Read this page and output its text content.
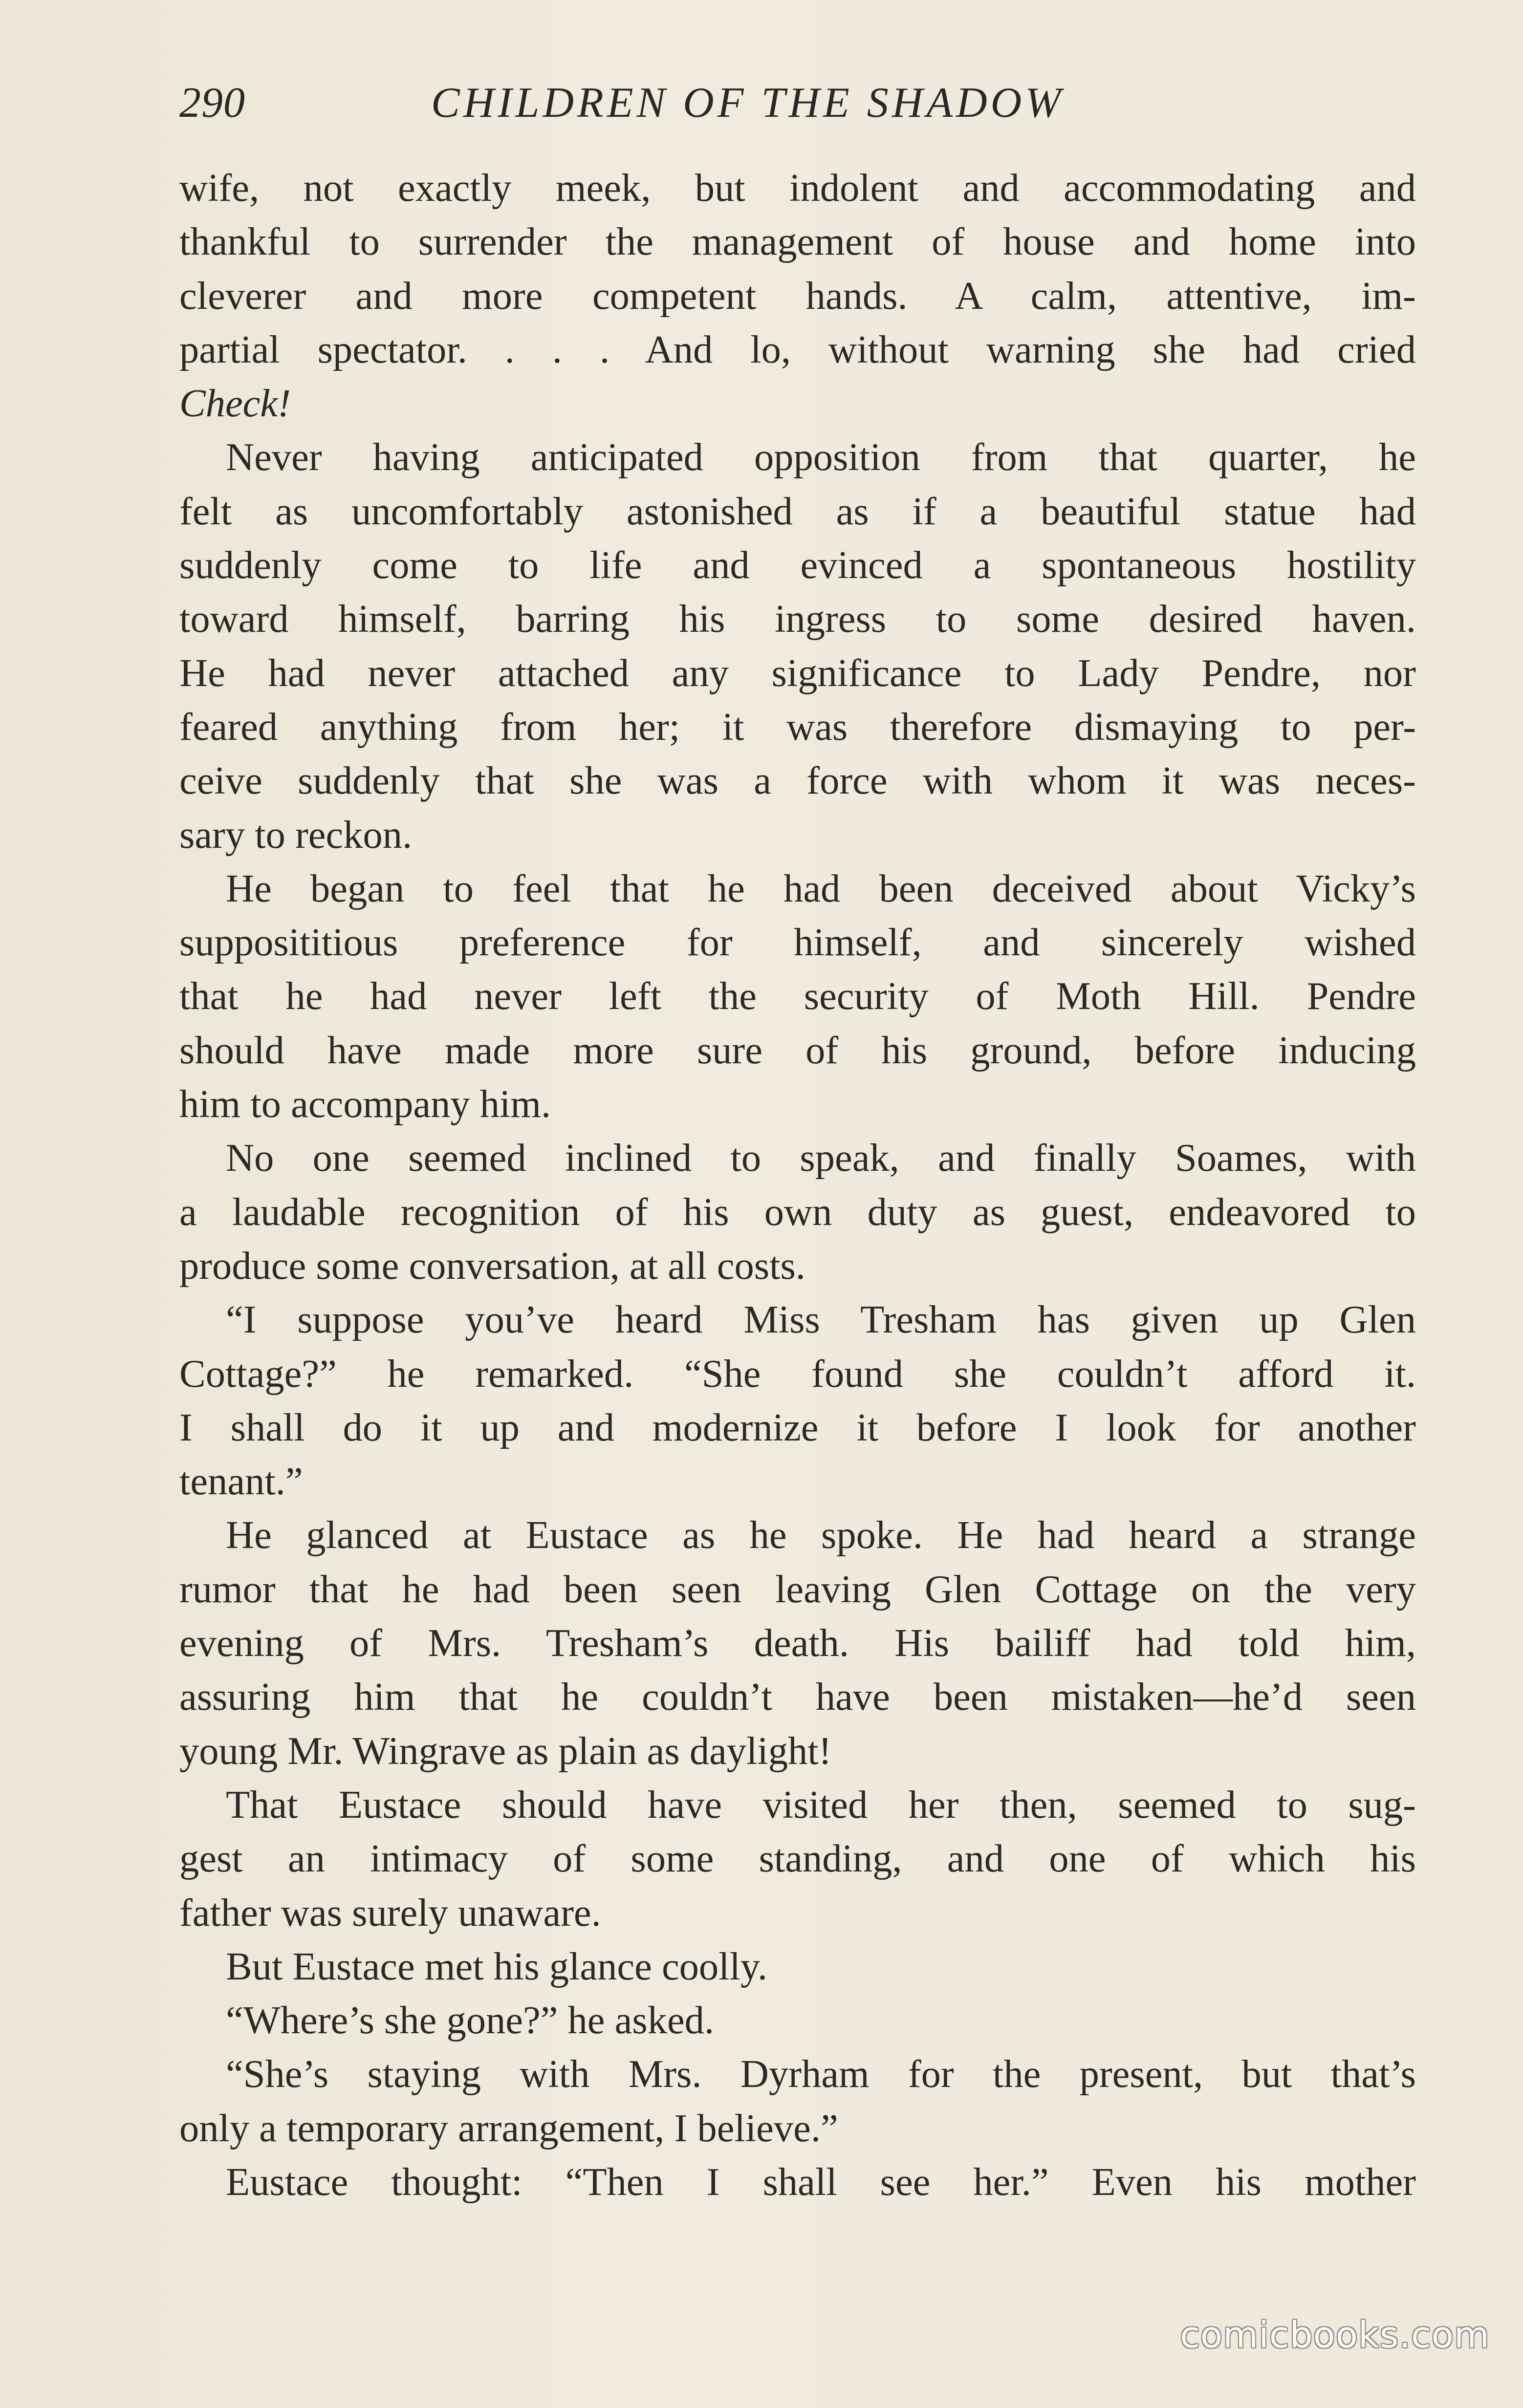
290	CHILDREN OF THE SHADOW
wife, not exactly meek, but indolent and accommodating and
thankful to surrender the management of house and home into
cleverer and more competent hands. A calm, attentive, im-
partial spectator. . . . And lo, without warning she had cried
Check!
Never having anticipated opposition from that quarter, he
felt as uncomfortably astonished as if a beautiful statue had
suddenly come to life and evinced a spontaneous hostility
toward himself, barring his ingress to some desired haven.
He had never attached any significance to Lady Pendre, nor
feared anything from her; it was therefore dismaying to per-
ceive suddenly that she was a force with whom it was neces-
sary to reckon.
He began to feel that he had been deceived about Vicky’s
supposititious preference for himself, and sincerely wished
that he had never left the security of Moth Hill. Pendre
should have made more sure of his ground, before inducing
him to accompany him.
No one seemed inclined to speak, and finally Soames, with
a laudable recognition of his own duty as guest, endeavored to
produce some conversation, at all costs.
“I suppose you’ve heard Miss Tresham has given up Glen
Cottage?” he remarked. “She found she couldn’t afford it.
I shall do it up and modernize it before I look for another
tenant.”
He glanced at Eustace as he spoke. He had heard a strange
rumor that he had been seen leaving Glen Cottage on the very
evening of Mrs. Tresham’s death. His bailiff had told him,
assuring him that he couldn’t have been mistaken—he’d seen
young Mr. Wingrave as plain as daylight!
That Eustace should have visited her then, seemed to sug-
gest an intimacy of some standing, and one of which his
father was surely unaware.
But Eustace met his glance coolly.
“Where’s she gone?” he asked.
“She’s staying with Mrs. Dyrham for the present, but that’s
only a temporary arrangement, I believe.”
Eustace thought: “Then I shall see her.” Even his mother
comicbooks.com
